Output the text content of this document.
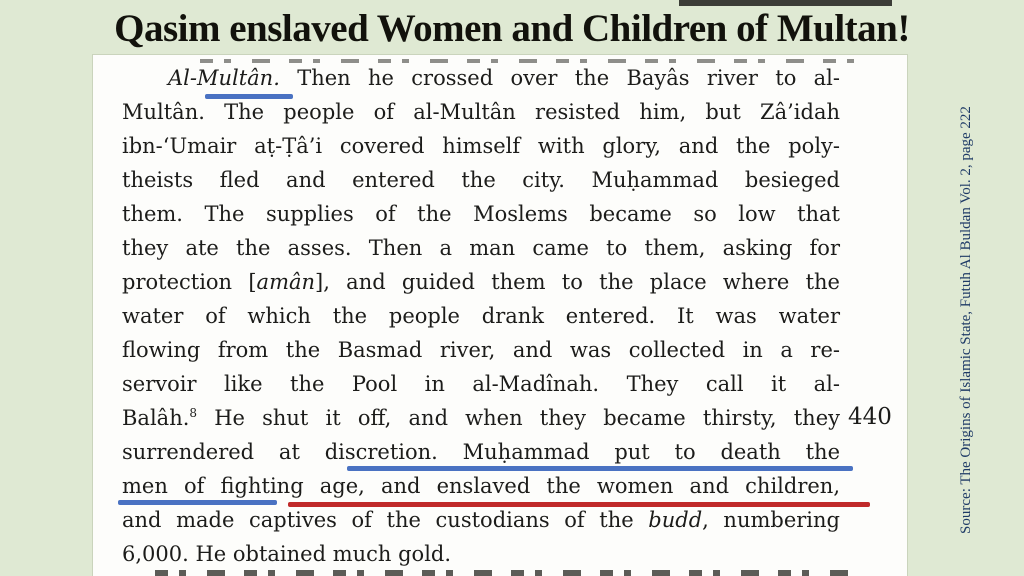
Qasim enslaved Women and Children of Multan!
Al-Multân. Then he crossed over the Bayâs river to al-
Multân. The people of al-Multân resisted him, but Zâ’idah
ibn-‘Umair aṭ-Ṭâ’i covered himself with glory, and the poly-
theists fled and entered the city. Muḥammad besieged
them. The supplies of the Moslems became so low that
they ate the asses. Then a man came to them, asking for
protection [amân], and guided them to the place where the
water of which the people drank entered. It was water
flowing from the Basmad river, and was collected in a re-
servoir like the Pool in al-Madînah. They call it al-
Balâh.$^8$ He shut it off, and when they became thirsty, they
surrendered at discretion. Muḥammad put to death the
men of fighting age, and enslaved the women and children,
and made captives of the custodians of the budd, numbering
6,000. He obtained much gold.
440	Source: The Origins of Islamic State, Futuh Al Buldan Vol. 2, page 222
